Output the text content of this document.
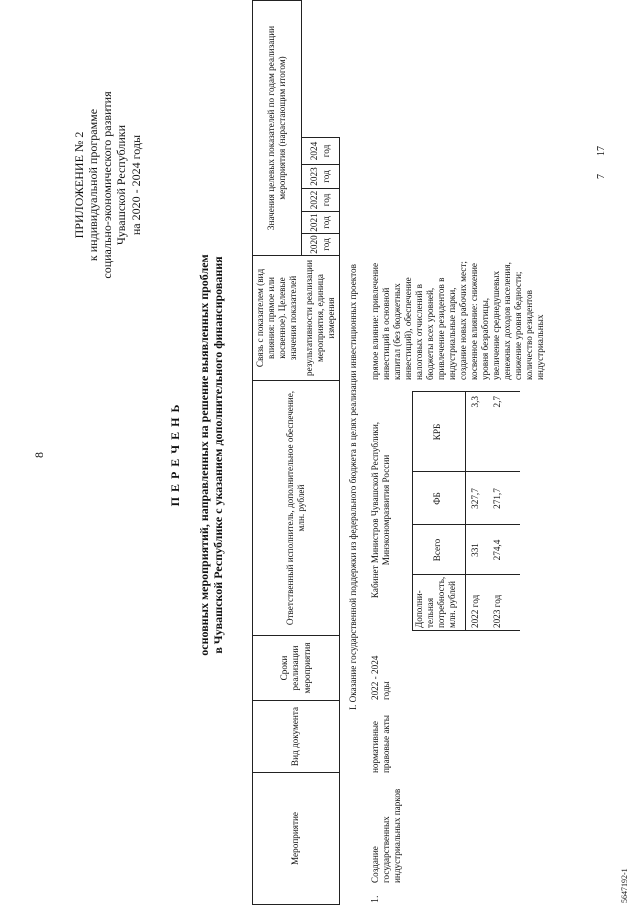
8
ПРИЛОЖЕНИЕ № 2 к индивидуальной программе социально-экономического развития Чувашской Республики на 2020 - 2024 годы
П Е Р Е Ч Е Н Ь основных мероприятий, направленных на решение выявленных проблем в Чувашской Республике с указанием дополнительного финансирования
Мероприятие
Вид документа
Сроки реализации мероприятия
Ответственный исполнитель, дополнительное обеспечение, млн. рублей
Связь с показателем (вид влияния: прямое или косвенное). Целевые значения показателей результативности реализации мероприятия, единица измерения
Значения целевых показателей по годам реализации мероприятия (нарастающим итогом)
2020 год
2021 год
2022 год
2023 год
2024 год
I. Оказание государственной поддержки из федерального бюджета в целях реализации инвестиционных проектов
1.
Создание государственных индустриальных парков
нормативные правовые акты
2022 - 2024 годы
Кабинет Министров Чувашской Республики, Минэкономразвития России
Дополни-тельная потребность, млн. рублей
Всего
ФБ
КРБ
2022 год
331
327,7
3,3
2023 год
274,4
271,7
2,7
прямое влияние: привлечение инвестиций в основной капитал (без бюджетных инвестиций), обеспечение налоговых отчислений в бюджеты всех уровней, привлечение резидентов в индустриальные парки, создание новых рабочих мест; косвенное влияние: снижение уровня безработицы, увеличение среднедушевых денежных доходов населения, снижение уровня бедности; количество резидентов индустриальных
7
17
5647192-1
